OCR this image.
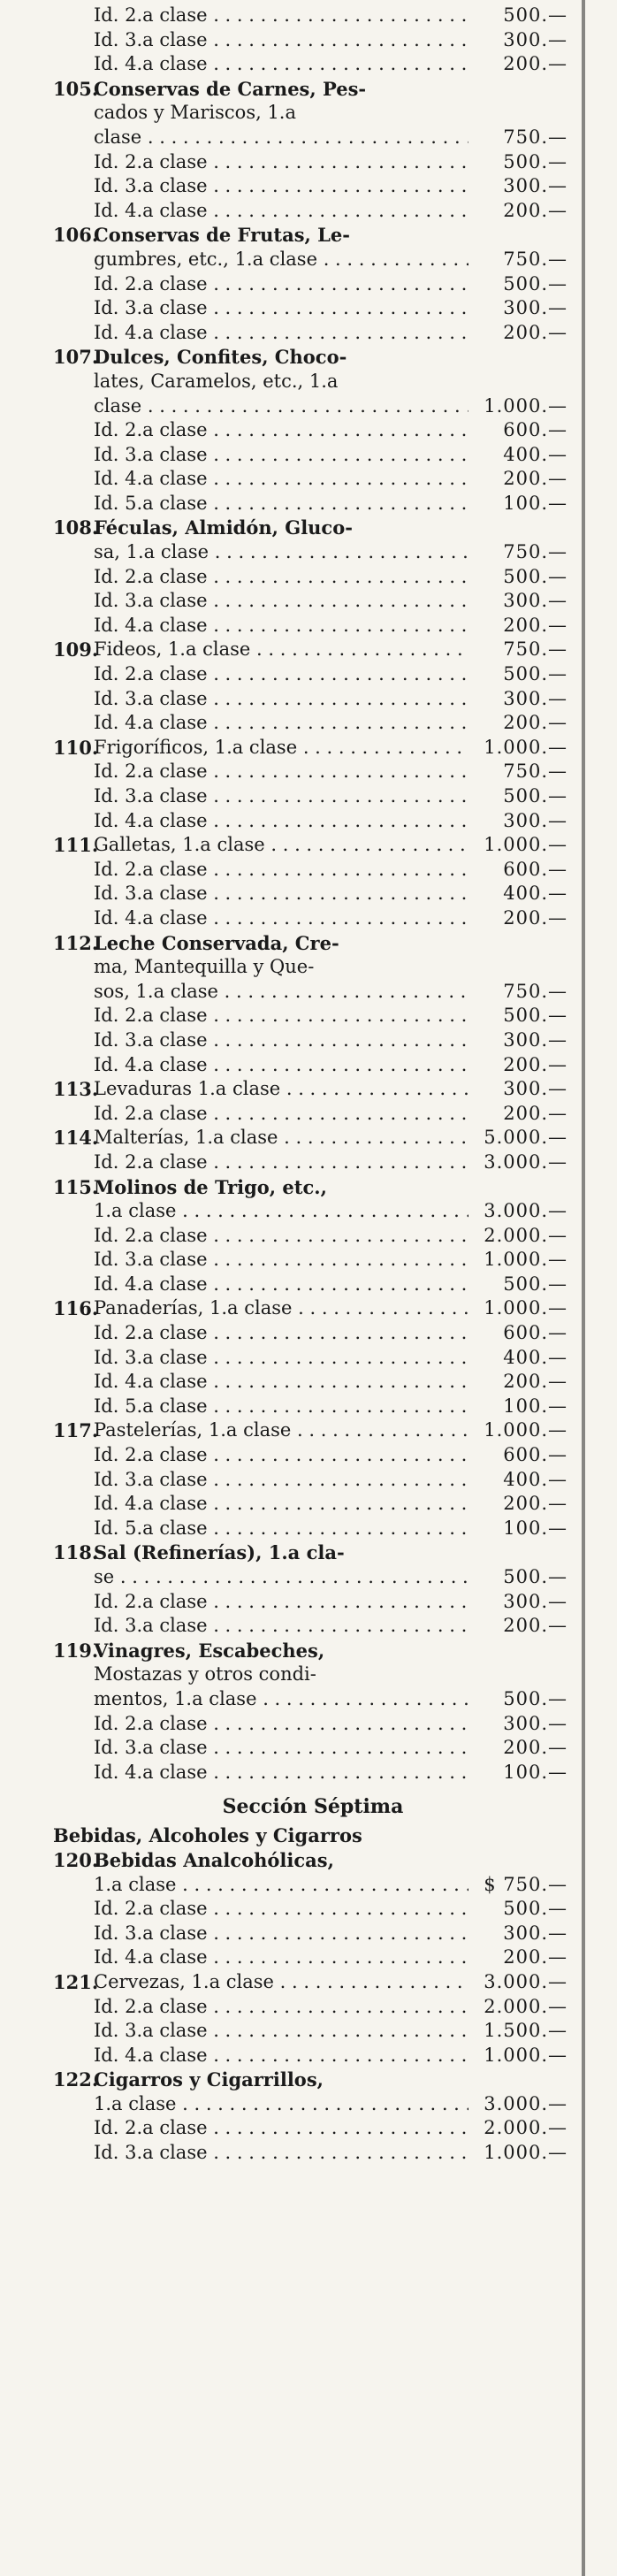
Id. 2.a clase . . .	500.—
Id. 3.a clase . . .	300.—
Id. 4.a clase . . .	200.—
105.
Conservas de Carnes, Pes-
cados y Mariscos, 1.a
clase . . .	750.—
Id. 2.a clase . . .	500.—
Id. 3.a clase . . .	300.—
Id. 4.a clase . . .	200.—
106.
Conservas de Frutas, Le-
gumbres, etc., 1.a clase . . .	750.—
Id. 2.a clase . . .	500.—
Id. 3.a clase . . .	300.—
Id. 4.a clase . . .	200.—
107.
Dulces, Confites, Choco-
lates, Caramelos, etc., 1.a
clase . . .	1.000.—
Id. 2.a clase . . .	600.—
Id. 3.a clase . . .	400.—
Id. 4.a clase . . .	200.—
Id. 5.a clase . . .	100.—
108.
Féculas, Almidón, Gluco-
sa, 1.a clase . . .	750.—
Id. 2.a clase . . .	500.—
Id. 3.a clase . . .	300.—
Id. 4.a clase . . .	200.—
109.
Fideos, 1.a clase . . .	750.—
Id. 2.a clase . . .	500.—
Id. 3.a clase . . .	300.—
Id. 4.a clase . . .	200.—
110.
Frigoríficos, 1.a clase . . .	1.000.—
Id. 2.a clase . . .	750.—
Id. 3.a clase . . .	500.—
Id. 4.a clase . . .	300.—
111.
Galletas, 1.a clase . . .	1.000.—
Id. 2.a clase . . .	600.—
Id. 3.a clase . . .	400.—
Id. 4.a clase . . .	200.—
112.
Leche Conservada, Cre-
ma, Mantequilla y Que-
sos, 1.a clase . . .	750.—
Id. 2.a clase . . .	500.—
Id. 3.a clase . . .	300.—
Id. 4.a clase . . .	200.—
113.
Levaduras 1.a clase . . .	300.—
Id. 2.a clase . . .	200.—
114.
Malterías, 1.a clase . . .	5.000.—
Id. 2.a clase . . .	3.000.—
115.
Molinos de Trigo, etc.,
1.a clase . . .	3.000.—
Id. 2.a clase . . .	2.000.—
Id. 3.a clase . . .	1.000.—
Id. 4.a clase . . .	500.—
116.
Panaderías, 1.a clase . . .	1.000.—
Id. 2.a clase . . .	600.—
Id. 3.a clase . . .	400.—
Id. 4.a clase . . .	200.—
Id. 5.a clase . . .	100.—
117.
Pastelerías, 1.a clase . . .	1.000.—
Id. 2.a clase . . .	600.—
Id. 3.a clase . . .	400.—
Id. 4.a clase . . .	200.—
Id. 5.a clase . . .	100.—
118.
Sal (Refinerías), 1.a cla-
se . . .	500.—
Id. 2.a clase . . .	300.—
Id. 3.a clase . . .	200.—
119.
Vinagres, Escabeches,
Mostazas y otros condi-
mentos, 1.a clase . . .	500.—
Id. 2.a clase . . .	300.—
Id. 3.a clase . . .	200.—
Id. 4.a clase . . .	100.—
Sección Séptima
Bebidas, Alcoholes y Cigarros
120.
Bebidas Analcohólicas,
1.a clase . . .	$ 750.—
Id. 2.a clase . . .	500.—
Id. 3.a clase . . .	300.—
Id. 4.a clase . . .	200.—
121.
Cervezas, 1.a clase . . .	3.000.—
Id. 2.a clase . . .	2.000.—
Id. 3.a clase . . .	1.500.—
Id. 4.a clase . . .	1.000.—
122.
Cigarros y Cigarrillos,
1.a clase . . .	3.000.—
Id. 2.a clase . . .	2.000.—
Id. 3.a clase . . .	1.000.—
